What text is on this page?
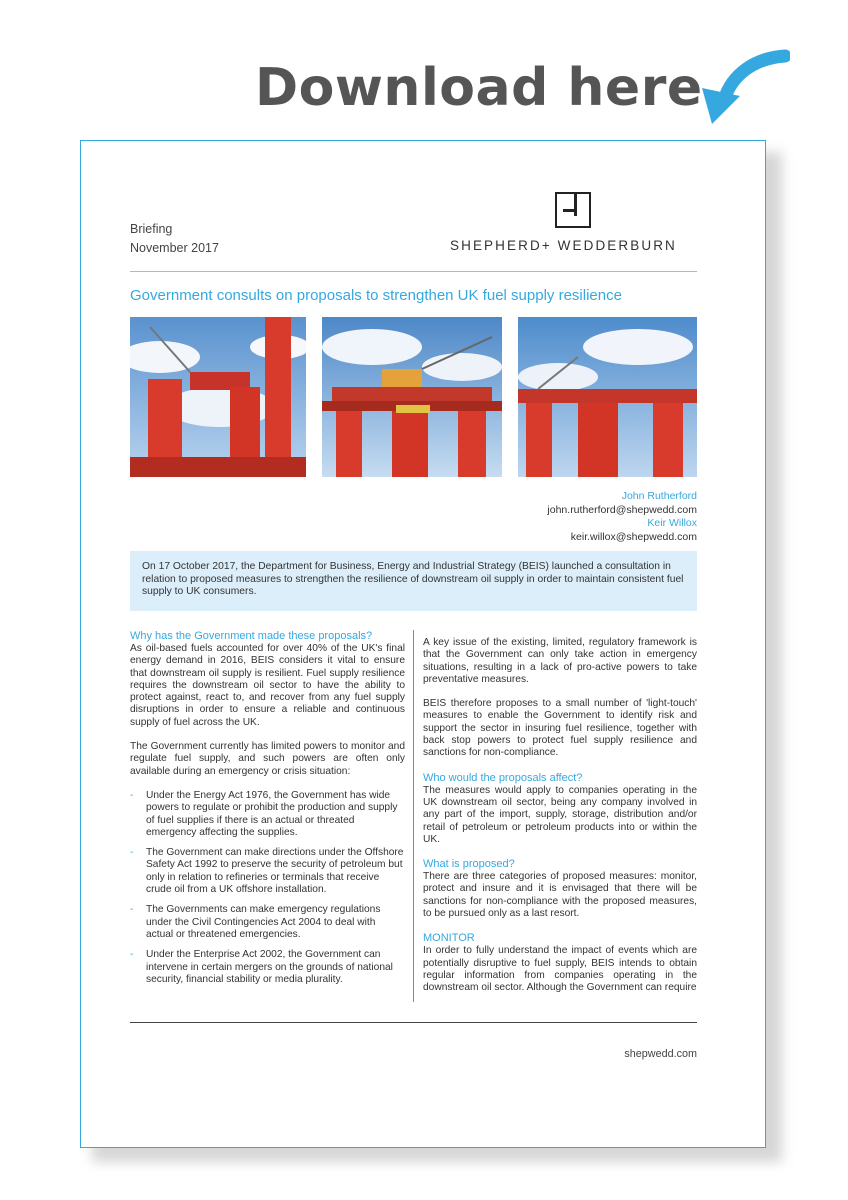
Download here
Briefing
November 2017	SHEPHERD+ WEDDERBURN
Government consults on proposals to strengthen UK fuel supply resilience
John Rutherford
john.rutherford@shepwedd.com
Keir Willox
keir.willox@shepwedd.com
On 17 October 2017, the Department for Business, Energy and Industrial Strategy (BEIS) launched a consultation in relation to proposed measures to strengthen the resilience of downstream oil supply in order to maintain consistent fuel supply to UK consumers.
Why has the Government made these proposals?

As oil-based fuels accounted for over 40% of the UK's final energy demand in 2016, BEIS considers it vital to ensure that downstream oil supply is resilient. Fuel supply resilience requires the downstream oil sector to have the ability to protect against, react to, and recover from any fuel supply disruptions in order to ensure a reliable and continuous supply of fuel across the UK.

The Government currently has limited powers to monitor and regulate fuel supply, and such powers are often only available during an emergency or crisis situation:

- Under the Energy Act 1976, the Government has wide powers to regulate or prohibit the production and supply of fuel supplies if there is an actual or threated emergency affecting the supplies.
- The Government can make directions under the Offshore Safety Act 1992 to preserve the security of petroleum but only in relation to refineries or terminals that receive crude oil from a UK offshore installation.
- The Governments can make emergency regulations under the Civil Contingencies Act 2004 to deal with actual or threatened emergencies.
- Under the Enterprise Act 2002, the Government can intervene in certain mergers on the grounds of national security, financial stability or media plurality.

A key issue of the existing, limited, regulatory framework is that the Government can only take action in emergency situations, resulting in a lack of pro-active powers to take preventative measures.

BEIS therefore proposes to a small number of 'light-touch' measures to enable the Government to identify risk and support the sector in insuring fuel resilience, together with back stop powers to protect fuel supply resilience and sanctions for non-compliance.

Who would the proposals affect?

The measures would apply to companies operating in the UK downstream oil sector, being any company involved in any part of the import, supply, storage, distribution and/or retail of petroleum or petroleum products into or within the UK.

What is proposed?

There are three categories of proposed measures: monitor, protect and insure and it is envisaged that there will be sanctions for non-compliance with the proposed measures, to be pursued only as a last resort.

MONITOR

In order to fully understand the impact of events which are potentially disruptive to fuel supply, BEIS intends to obtain regular information from companies operating in the downstream oil sector. Although the Government can require

shepwedd.com
